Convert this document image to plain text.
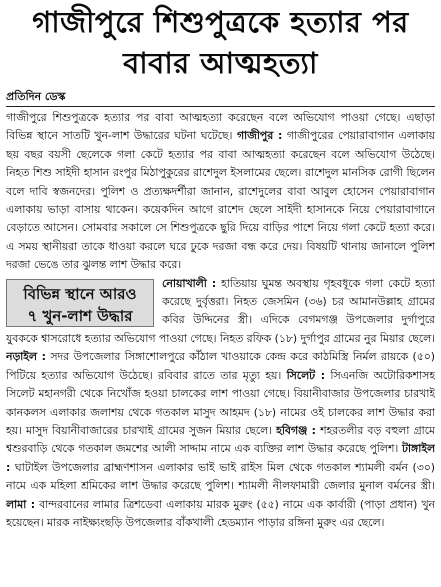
গাজীপুরে শিশুপুত্রকে হত্যার পর বাবার আত্মহত্যা
প্রতিদিন ডেস্ক

গাজীপুরে শিশুপুত্রকে হত্যার পর বাবা আত্মহত্যা করেছেন বলে অভিযোগ পাওয়া গেছে। এছাড়া বিভিন্ন স্থানে সাতটি খুন-লাশ উদ্ধারের ঘটনা ঘটেছে। গাজীপুর : গাজীপুরের পেয়ারাবাগান এলাকায় ছয় বছর বয়সী ছেলেকে গলা কেটে হত্যার পর বাবা আত্মহত্যা করেছেন বলে অভিযোগ উঠেছে। নিহত শিশু সাইদী হাসান রংপুর মিঠাপুকুরের রাশেদুল ইসলামের ছেলে। রাশেদুল মানসিক রোগী ছিলেন বলে দাবি স্বজনদের। পুলিশ ও প্রত্যক্ষদর্শীরা জানান, রাশেদুলের বাবা আবুল হোসেন পেয়ারাবাগান এলাকায় ভাড়া বাসায় থাকেন। কয়েকদিন আগে রাশেদ ছেলে সাইদী হাসানকে নিয়ে পেয়ারাবাগানে বেড়াতে আসেন। সোমবার সকালে সে শিশুপুত্রকে ছুরি দিয়ে বাড়ির পাশে নিয়ে গলা কেটে হত্যা করে। এ সময় স্থানীয়রা তাকে ধাওয়া করলে ঘরে ঢুকে দরজা বন্ধ করে দেয়। বিষয়টি থানায় জানালে পুলিশ দরজা ভেঙে তার ঝুলন্ত লাশ উদ্ধার করে।

বিভিন্ন স্থানে আরও
৭ খুন-লাশ উদ্ধার

নোয়াখালী : হাতিয়ায় ঘুমন্ত অবস্থায় গৃহবধূকে গলা কেটে হত্যা করেছে দুর্বৃত্তরা। নিহত জেসমিন (৩৬) চর আমানউল্লাহ গ্রামের কবির উদ্দিনের স্ত্রী। এদিকে বেগমগঞ্জ উপজেলার দুর্গাপুরে যুবককে শ্বাসরোধে হত্যার অভিযোগ পাওয়া গেছে। নিহত রফিক (১৮) দুর্গাপুর গ্রামের নুর মিয়ার ছেলে। নড়াইল : সদর উপজেলার সিঙ্গাশোলপুরে কাঁঠাল খাওয়াকে কেন্দ্র করে কাঠমিস্ত্রি নির্মল রায়কে (৫০) পিটিয়ে হত্যার অভিযোগ উঠেছে। রবিবার রাতে তার মৃত্যু হয়। সিলেট : সিএনজি অটোরিকশাসহ সিলেট মহানগরী থেকে নিখোঁজ হওয়া চালকের লাশ পাওয়া গেছে। বিয়ানীবাজার উপজেলার চারখাই কানকলস এলাকার জলাশয় থেকে গতকাল মাসুদ আহমদ (১৮) নামের ওই চালকের লাশ উদ্ধার করা হয়। মাসুদ বিয়ানীবাজারের চারখাই গ্রামের সুজন মিয়ার ছেলে। হবিগঞ্জ : শহরতলীর বড় বহুলা গ্রামে শ্বশুরবাড়ি থেকে গতকাল জমশের আলী সাদ্দাম নামে এক ব্যক্তির লাশ উদ্ধার করেছে পুলিশ। টাঙ্গাইল : ঘাটাইল উপজেলার ব্রাহ্মণশাসন এলাকার ভাই ভাই রাইস মিল থেকে গতকাল শ্যামলী বর্মন (৩০) নামে এক মহিলা শ্রমিকের লাশ উদ্ধার করেছে পুলিশ। শ্যামলী নীলফামারী জেলার মুনাল বর্মনের স্ত্রী। লামা : বান্দরবানের লামার ত্রিশডেবা এলাকায় মারক মুরুং (৫৫) নামে এক কার্বারী (পাড়া প্রধান) খুন হয়েছেন। মারক নাইক্ষ্যংছড়ি উপজেলার বাঁকখালী হেডম্যান পাড়ার রঙ্গিনা মুরুং এর ছেলে।
